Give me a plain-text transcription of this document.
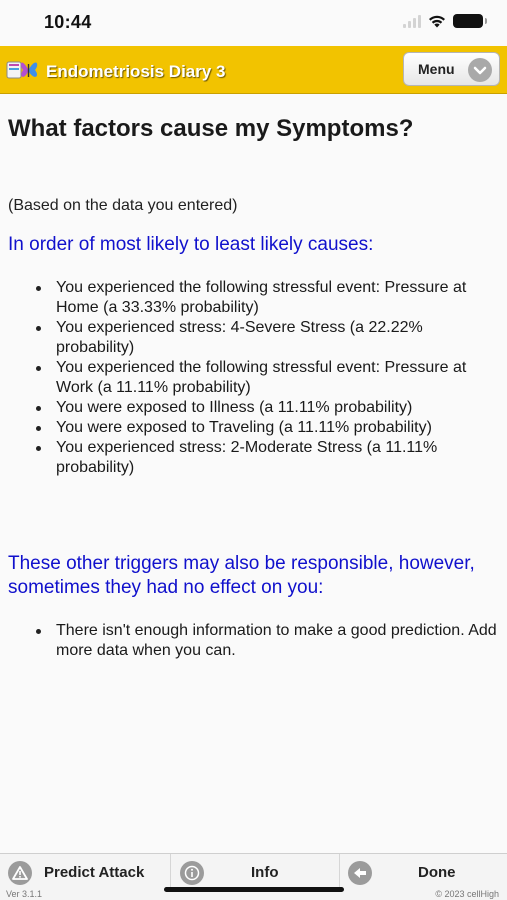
10:44
Endometriosis Diary 3	Menu
What factors cause my Symptoms?
(Based on the data you entered)
In order of most likely to least likely causes:
You experienced the following stressful event: Pressure at Home (a 33.33% probability)
You experienced stress: 4-Severe Stress (a 22.22% probability)
You experienced the following stressful event: Pressure at Work (a 11.11% probability)
You were exposed to Illness (a 11.11% probability)
You were exposed to Traveling (a 11.11% probability)
You experienced stress: 2-Moderate Stress (a 11.11% probability)
These other triggers may also be responsible, however, sometimes they had no effect on you:
There isn't enough information to make a good prediction. Add more data when you can.
Predict Attack	Info	Done
Ver 3.1.1	© 2023 cellHigh
